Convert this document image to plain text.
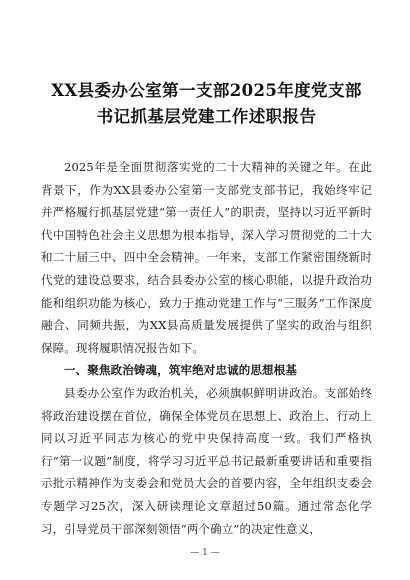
XX县委办公室第一支部2025年度党支部
书记抓基层党建工作述职报告

2025年是全面贯彻落实党的二十大精神的关键之年。在此背景下，作为XX县委办公室第一支部党支部书记，我始终牢记并严格履行抓基层党建“第一责任人”的职责，坚持以习近平新时代中国特色社会主义思想为根本指导，深入学习贯彻党的二十大和二十届三中、四中全会精神。一年来，支部工作紧密围绕新时代党的建设总要求，结合县委办公室的核心职能，以提升政治功能和组织功能为核心，致力于推动党建工作与“三服务”工作深度融合、同频共振，为XX县高质量发展提供了坚实的政治与组织保障。现将履职情况报告如下。

一、聚焦政治铸魂，筑牢绝对忠诚的思想根基

县委办公室作为政治机关，必须旗帜鲜明讲政治。支部始终将政治建设摆在首位，确保全体党员在思想上、政治上、行动上同以习近平同志为核心的党中央保持高度一致。我们严格执行“第一议题”制度，将学习习近平总书记最新重要讲话和重要指示批示精神作为支委会和党员大会的首要内容，全年组织支委会专题学习25次，深入研读理论文章超过50篇。通过常态化学习，引导党员干部深刻领悟“两个确立”的决定性意义，

— 1 —
